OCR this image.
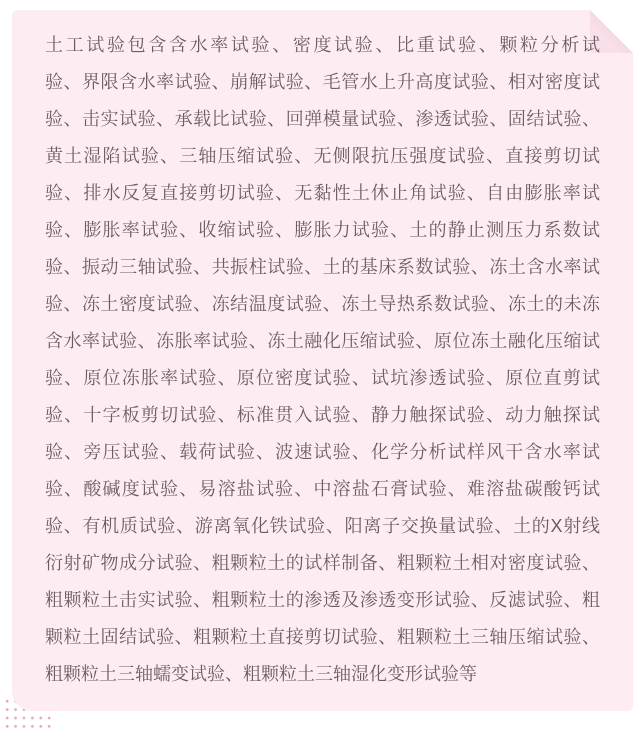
土工试验包含含水率试验、密度试验、比重试验、颗粒分析试

验、界限含水率试验、崩解试验、毛管水上升高度试验、相对密度试

验、击实试验、承载比试验、回弹模量试验、渗透试验、固结试验、

黄土湿陷试验、三轴压缩试验、无侧限抗压强度试验、直接剪切试

验、排水反复直接剪切试验、无黏性土休止角试验、自由膨胀率试

验、膨胀率试验、收缩试验、膨胀力试验、土的静止测压力系数试

验、振动三轴试验、共振柱试验、土的基床系数试验、冻土含水率试

验、冻土密度试验、冻结温度试验、冻土导热系数试验、冻土的未冻

含水率试验、冻胀率试验、冻土融化压缩试验、原位冻土融化压缩试

验、原位冻胀率试验、原位密度试验、试坑渗透试验、原位直剪试

验、十字板剪切试验、标准贯入试验、静力触探试验、动力触探试

验、旁压试验、载荷试验、波速试验、化学分析试样风干含水率试

验、酸碱度试验、易溶盐试验、中溶盐石膏试验、难溶盐碳酸钙试

验、有机质试验、游离氧化铁试验、阳离子交换量试验、土的X射线

衍射矿物成分试验、粗颗粒土的试样制备、粗颗粒土相对密度试验、

粗颗粒土击实试验、粗颗粒土的渗透及渗透变形试验、反滤试验、粗

颗粒土固结试验、粗颗粒土直接剪切试验、粗颗粒土三轴压缩试验、

粗颗粒土三轴蠕变试验、粗颗粒土三轴湿化变形试验等
